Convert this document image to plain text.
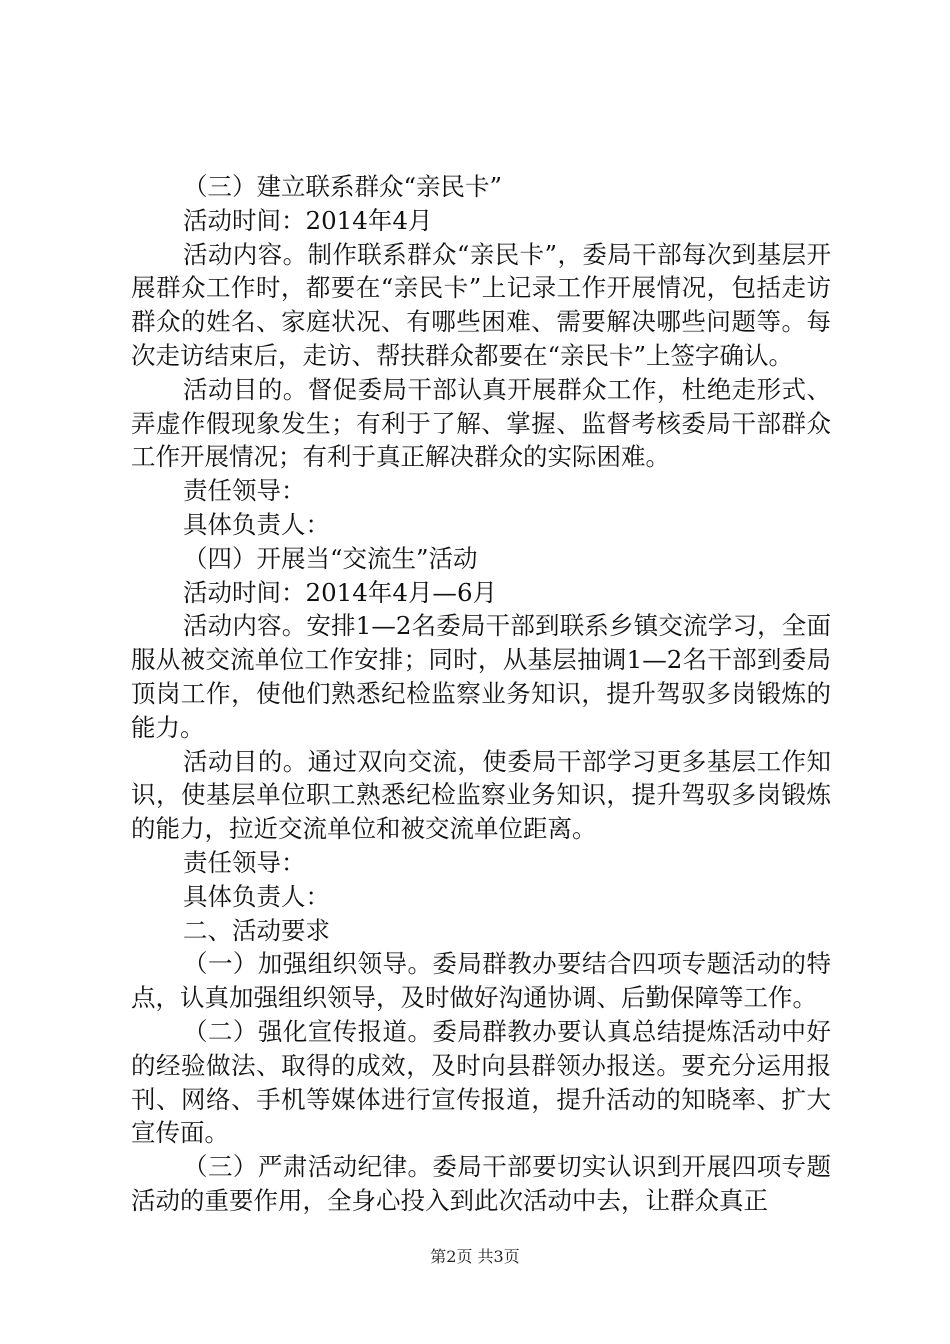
（三）建立联系群众“亲民卡”

活动时间：2014年4月

活动内容。制作联系群众“亲民卡”，委局干部每次到基层开展群众工作时，都要在“亲民卡”上记录工作开展情况，包括走访群众的姓名、家庭状况、有哪些困难、需要解决哪些问题等。每次走访结束后，走访、帮扶群众都要在“亲民卡”上签字确认。

活动目的。督促委局干部认真开展群众工作，杜绝走形式、弄虚作假现象发生；有利于了解、掌握、监督考核委局干部群众工作开展情况；有利于真正解决群众的实际困难。

责任领导：

具体负责人：

（四）开展当“交流生”活动

活动时间：2014年4月—6月

活动内容。安排1—2名委局干部到联系乡镇交流学习，全面服从被交流单位工作安排；同时，从基层抽调1—2名干部到委局顶岗工作，使他们熟悉纪检监察业务知识，提升驾驭多岗锻炼的能力。

活动目的。通过双向交流，使委局干部学习更多基层工作知识，使基层单位职工熟悉纪检监察业务知识，提升驾驭多岗锻炼的能力，拉近交流单位和被交流单位距离。

责任领导：

具体负责人：

二、活动要求

（一）加强组织领导。委局群教办要结合四项专题活动的特点，认真加强组织领导，及时做好沟通协调、后勤保障等工作。

（二）强化宣传报道。委局群教办要认真总结提炼活动中好的经验做法、取得的成效，及时向县群领办报送。要充分运用报刊、网络、手机等媒体进行宣传报道，提升活动的知晓率、扩大宣传面。

（三）严肃活动纪律。委局干部要切实认识到开展四项专题活动的重要作用，全身心投入到此次活动中去，让群众真正

第2页 共3页
